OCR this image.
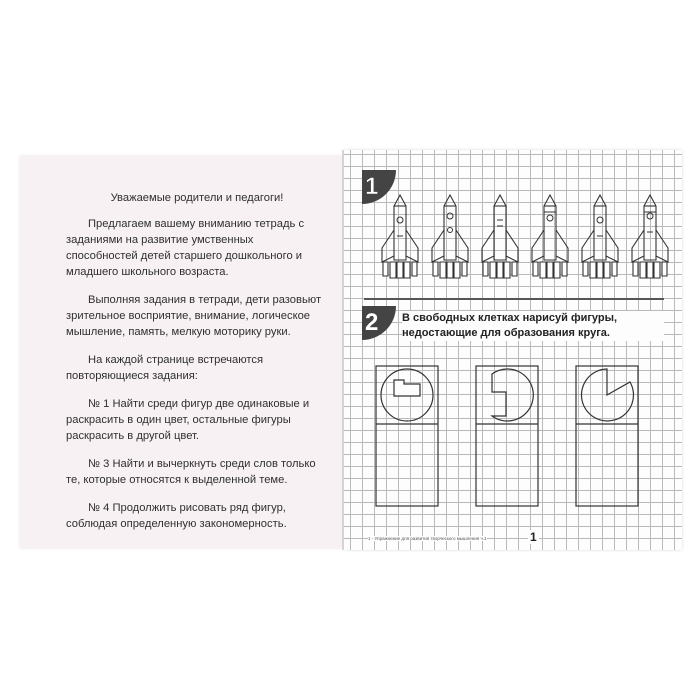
Уважаемые родители и педагоги!

Предлагаем вашему вниманию тетрадь с заданиями на развитие умственных способностей детей старшего дошкольного и младшего школьного возраста.

Выполняя задания в тетради, дети разовьют зрительное восприятие, внимание, логическое мышление, память, мелкую моторику руки.

На каждой странице встречаются повторяющиеся задания:

№ 1 Найти среди фигур две одинаковые и раскрасить в один цвет, остальные фигуры раскрасить в другой цвет.

№ 3 Найти и вычеркнуть среди слов только те, которые относятся к выделенной теме.

№ 4 Продолжить рисовать ряд фигур, соблюдая определенную закономерность.

1
2 В свободных клетках нарисуй фигуры, недостающие для образования круга.
1 - Упражнение для развития творческого мышления ч.1	1
